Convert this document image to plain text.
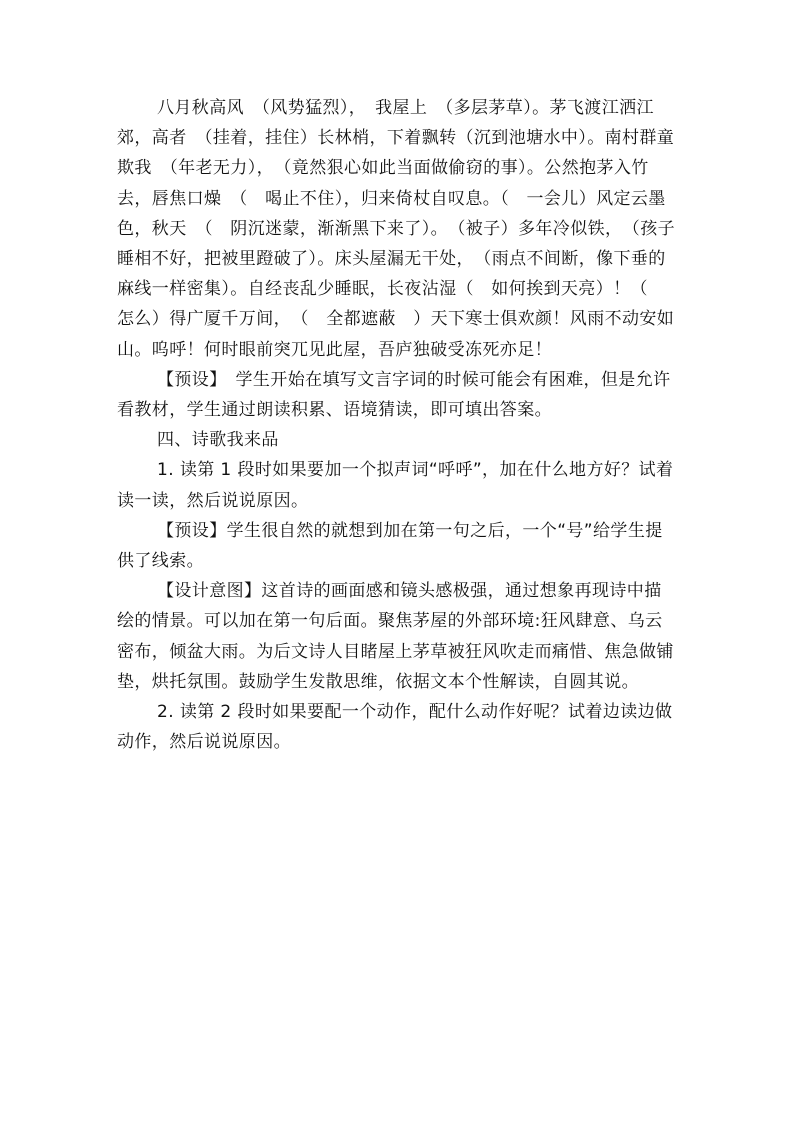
八月秋高风　（风势猛烈），　我屋上　（多层茅草）。茅飞渡江洒江郊，高者　（挂着，挂住）长林梢，下着飘转（沉到池塘水中）。南村群童欺我　（年老无力），　（竟然狠心如此当面做偷窃的事）。公然抱茅入竹去，唇焦口燥　（　喝止不住），归来倚杖自叹息。（　一会儿）风定云墨色，秋天　（　阴沉迷蒙，渐渐黑下来了）。　（被子）多年冷似铁，　（孩子睡相不好，把被里蹬破了）。床头屋漏无干处，　（雨点不间断，像下垂的麻线一样密集）。自经丧乱少睡眠，长夜沾湿（　如何挨到天亮）！（　怎么）得广厦千万间，　（　全都遮蔽　）天下寒士俱欢颜！风雨不动安如山。呜呼！何时眼前突兀见此屋，吾庐独破受冻死亦足！

【预设】　学生开始在填写文言字词的时候可能会有困难，但是允许看教材，学生通过朗读积累、语境猜读，即可填出答案。

四、诗歌我来品

1. 读第 1 段时如果要加一个拟声词“呼呼”，加在什么地方好？试着读一读，然后说说原因。

【预设】学生很自然的就想到加在第一句之后，一个“号”给学生提供了线索。

【设计意图】这首诗的画面感和镜头感极强，通过想象再现诗中描绘的情景。可以加在第一句后面。聚焦茅屋的外部环境:狂风肆意、乌云密布，倾盆大雨。为后文诗人目睹屋上茅草被狂风吹走而痛惜、焦急做铺垫，烘托氛围。鼓励学生发散思维，依据文本个性解读，自圆其说。

2. 读第 2 段时如果要配一个动作，配什么动作好呢？试着边读边做动作，然后说说原因。
